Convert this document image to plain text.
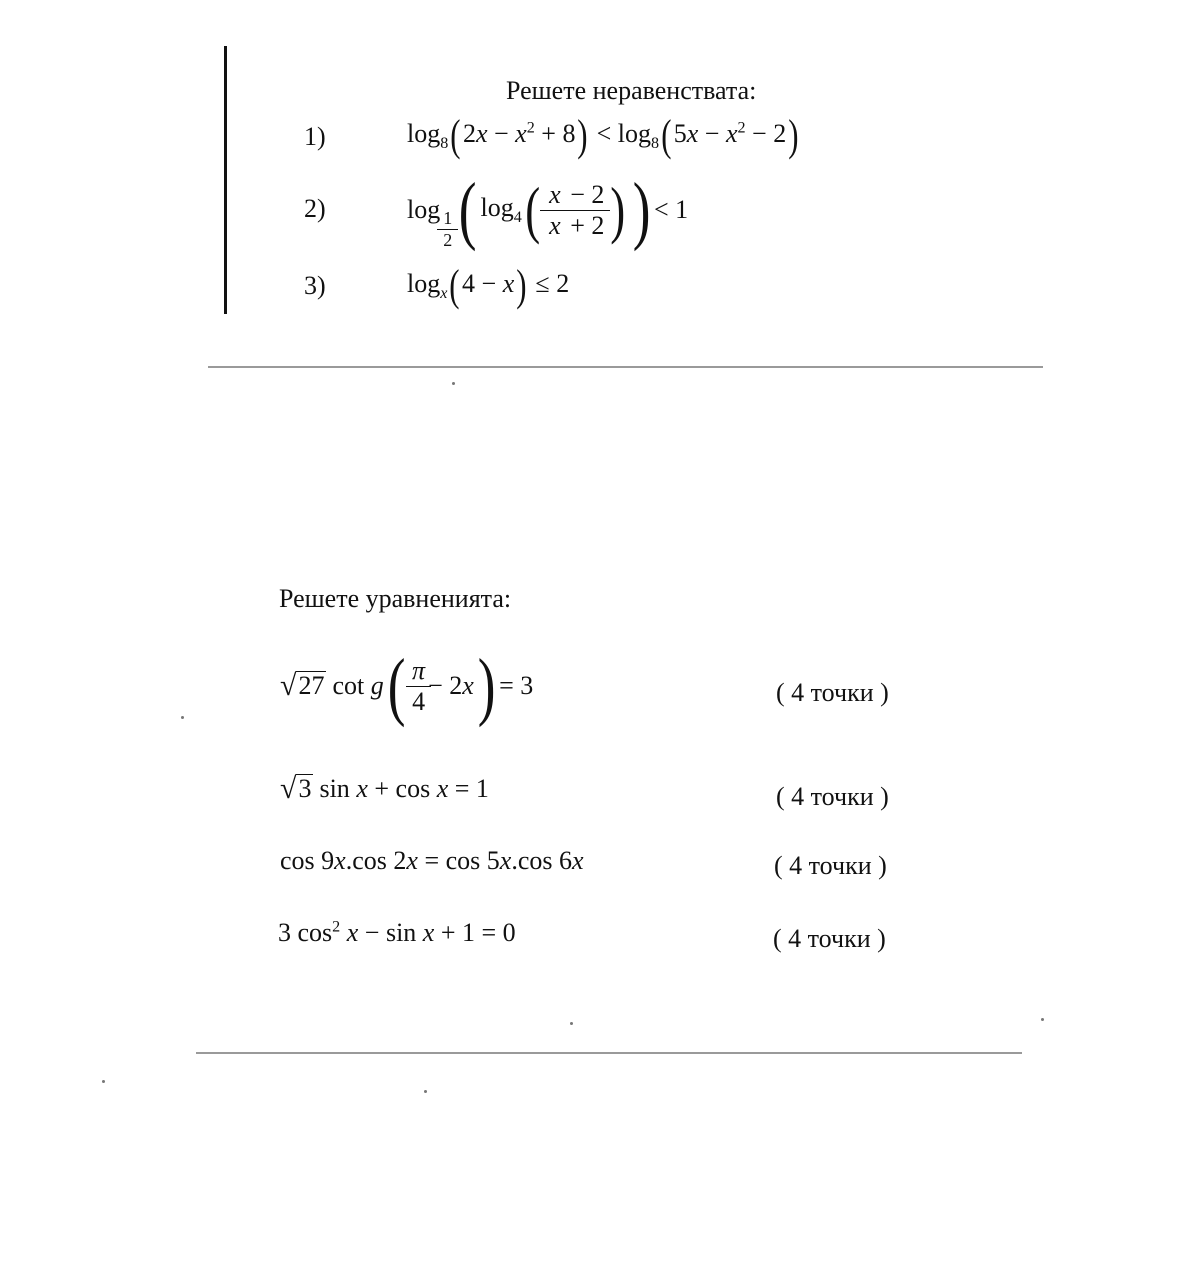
Решете неравенствата:
1)	$\log_8(2x - x^2 + 8) < \log_8(5x - x^2 - 2)$
2)	$\log \frac{1}{2}$ ( $\log_4$ ( $\frac{x - 2}{x + 2}$ ) ) < 1
3)	$\log_x(4 - x) \le 2$
Решете уравненията:
√ 27 cot g ( $\frac{\pi}{4} - 2x$ ) = 3	( 4 точки )
√ 3 sin x + cos x = 1	( 4 точки )
cos 9x.cos 2x = cos 5x.cos 6x	( 4 точки )
3 $\cos^2 x - \sin x + 1 = 0$	( 4 точки )
